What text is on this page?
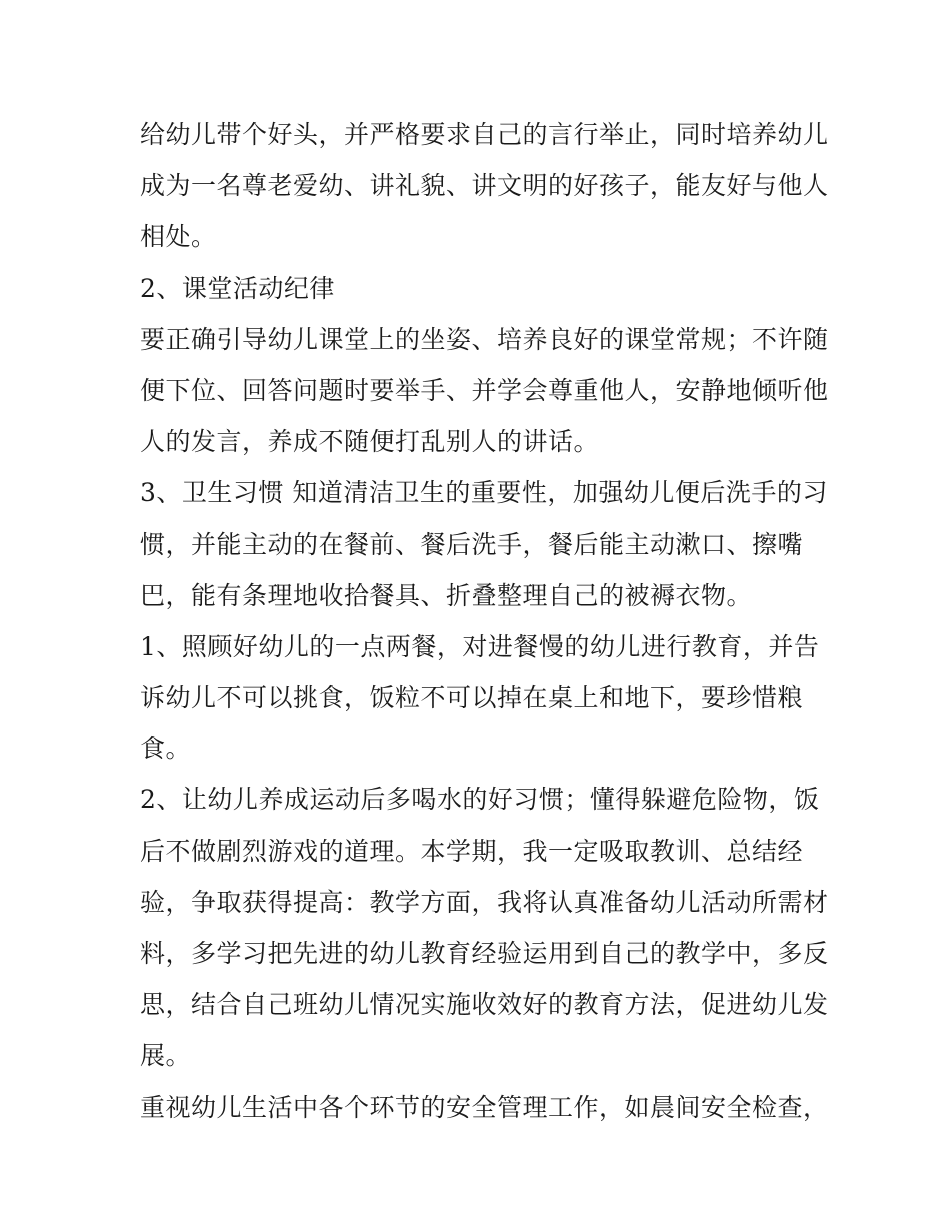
给幼儿带个好头，并严格要求自己的言行举止，同时培养幼儿
成为一名尊老爱幼、讲礼貌、讲文明的好孩子，能友好与他人
相处。
2、课堂活动纪律
要正确引导幼儿课堂上的坐姿、培养良好的课堂常规；不许随
便下位、回答问题时要举手、并学会尊重他人，安静地倾听他
人的发言，养成不随便打乱别人的讲话。
3、卫生习惯 知道清洁卫生的重要性，加强幼儿便后洗手的习
惯，并能主动的在餐前、餐后洗手，餐后能主动漱口、擦嘴
巴，能有条理地收拾餐具、折叠整理自己的被褥衣物。
1、照顾好幼儿的一点两餐，对进餐慢的幼儿进行教育，并告
诉幼儿不可以挑食，饭粒不可以掉在桌上和地下，要珍惜粮
食。
2、让幼儿养成运动后多喝水的好习惯；懂得躲避危险物，饭
后不做剧烈游戏的道理。本学期，我一定吸取教训、总结经
验，争取获得提高：教学方面，我将认真准备幼儿活动所需材
料，多学习把先进的幼儿教育经验运用到自己的教学中，多反
思，结合自己班幼儿情况实施收效好的教育方法，促进幼儿发
展。
重视幼儿生活中各个环节的安全管理工作，如晨间安全检查，
